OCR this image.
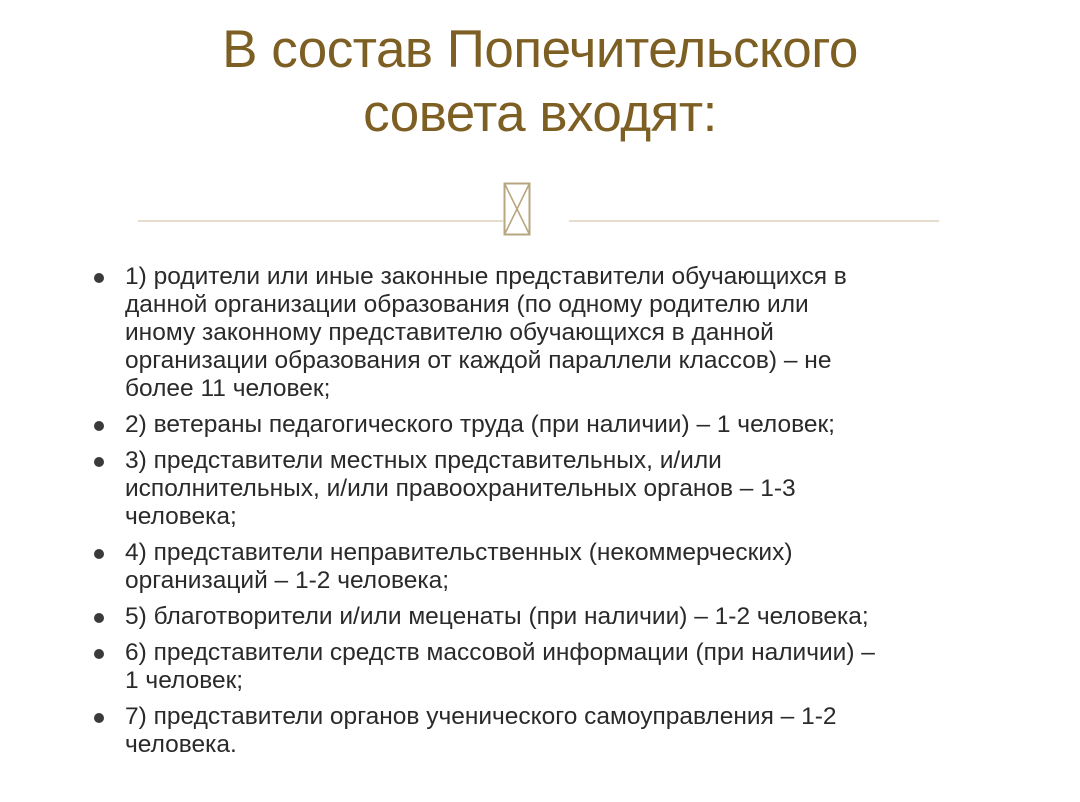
В состав Попечительского
совета входят:
1) родители или иные законные представители обучающихся в
данной организации образования (по одному родителю или
иному законному представителю обучающихся в данной
организации образования от каждой параллели классов) – не
более 11 человек;
2) ветераны педагогического труда (при наличии) – 1 человек;
3) представители местных представительных, и/или
исполнительных, и/или правоохранительных органов – 1-3
человека;
4) представители неправительственных (некоммерческих)
организаций – 1-2 человека;
5) благотворители и/или меценаты (при наличии) – 1-2 человека;
6) представители средств массовой информации (при наличии) –
1 человек;
7) представители органов ученического самоуправления – 1-2
человека.
